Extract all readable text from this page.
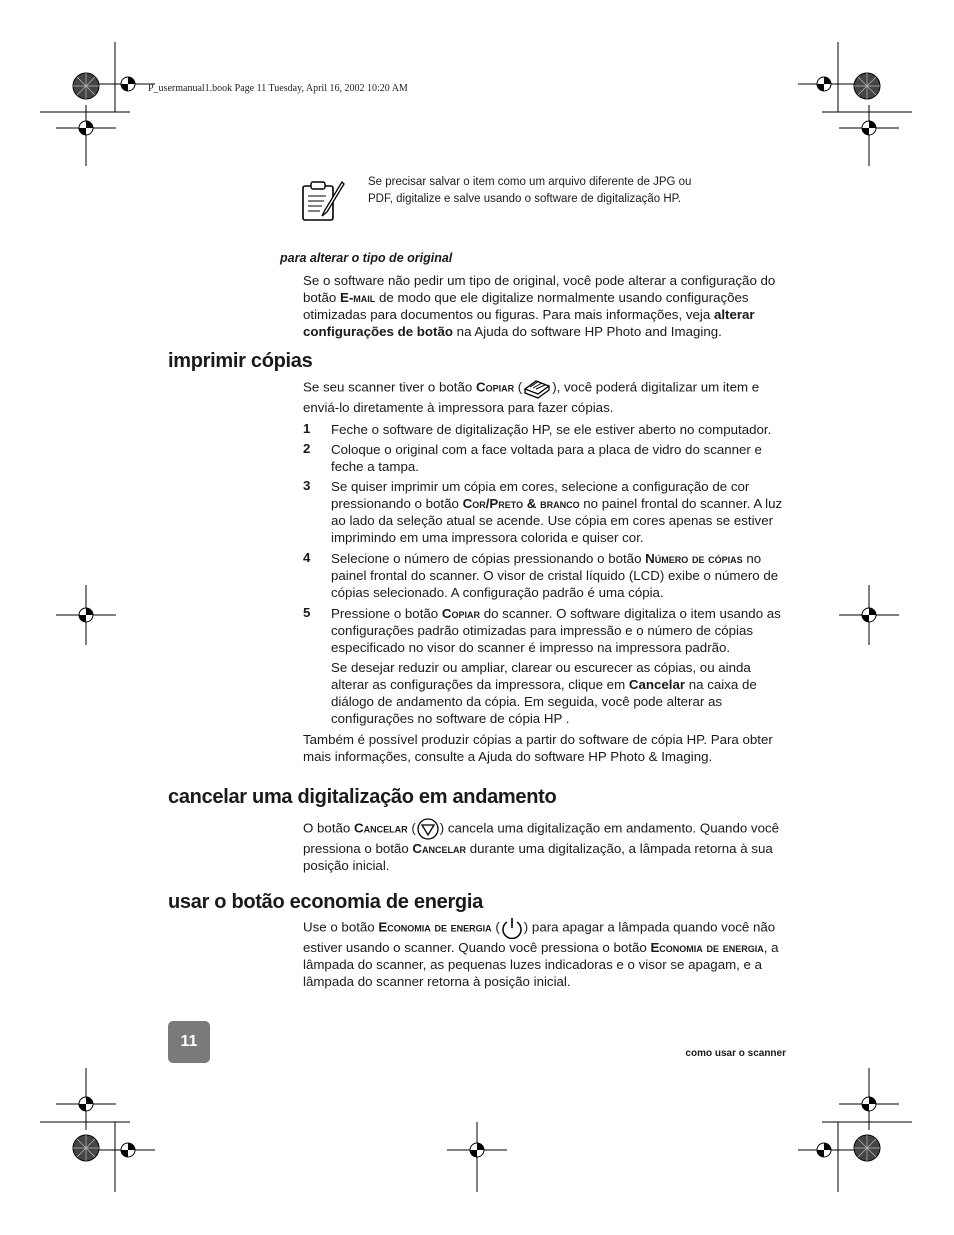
P_usermanual1.book Page 11 Tuesday, April 16, 2002 10:20 AM
Se precisar salvar o item como um arquivo diferente de JPG ou
PDF, digitalize e salve usando o software de digitalização HP.
para alterar o tipo de original
Se o software não pedir um tipo de original, você pode alterar a configuração do botão E-mail de modo que ele digitalize normalmente usando configurações otimizadas para documentos ou figuras. Para mais informações, veja alterar configurações de botão na Ajuda do software HP Photo and Imaging.
imprimir cópias
Se seu scanner tiver o botão Copiar ( ), você poderá digitalizar um item e enviá-lo diretamente à impressora para fazer cópias.
1 Feche o software de digitalização HP, se ele estiver aberto no computador.
2 Coloque o original com a face voltada para a placa de vidro do scanner e feche a tampa.
3 Se quiser imprimir um cópia em cores, selecione a configuração de cor pressionando o botão Cor/Preto & branco no painel frontal do scanner. A luz ao lado da seleção atual se acende. Use cópia em cores apenas se estiver imprimindo em uma impressora colorida e quiser cor.
4 Selecione o número de cópias pressionando o botão Número de cópias no painel frontal do scanner. O visor de cristal líquido (LCD) exibe o número de cópias selecionado. A configuração padrão é uma cópia.
5 Pressione o botão Copiar do scanner. O software digitaliza o item usando as configurações padrão otimizadas para impressão e o número de cópias especificado no visor do scanner é impresso na impressora padrão.
Se desejar reduzir ou ampliar, clarear ou escurecer as cópias, ou ainda alterar as configurações da impressora, clique em Cancelar na caixa de diálogo de andamento da cópia. Em seguida, você pode alterar as configurações no software de cópia HP .
Também é possível produzir cópias a partir do software de cópia HP. Para obter mais informações, consulte a Ajuda do software HP Photo & Imaging.
cancelar uma digitalização em andamento
O botão Cancelar ( ) cancela uma digitalização em andamento. Quando você pressiona o botão Cancelar durante uma digitalização, a lâmpada retorna à sua posição inicial.
usar o botão economia de energia
Use o botão Economia de energia ( ) para apagar a lâmpada quando você não estiver usando o scanner. Quando você pressiona o botão Economia de energia, a lâmpada do scanner, as pequenas luzes indicadoras e o visor se apagam, e a lâmpada do scanner retorna à posição inicial.
11
como usar o scanner
